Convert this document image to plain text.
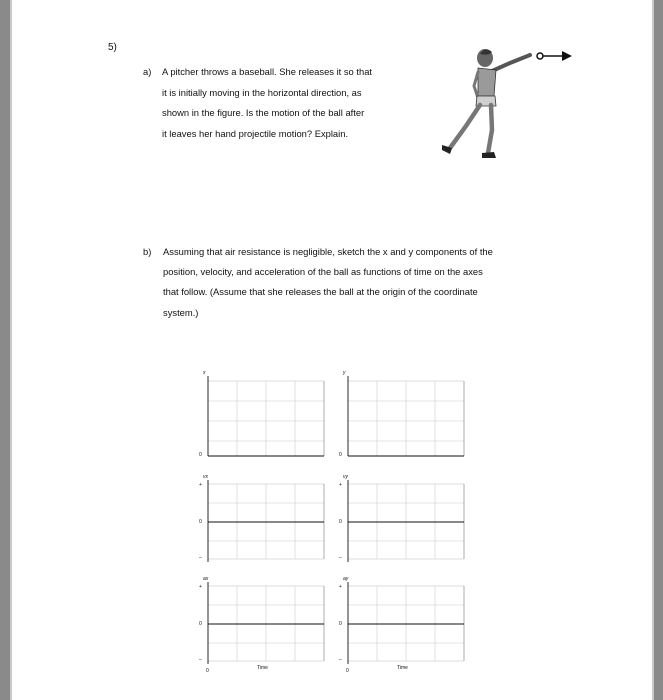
5)
a) A pitcher throws a baseball. She releases it so that
it is initially moving in the horizontal direction, as
shown in the figure. Is the motion of the ball after
it leaves her hand projectile motion? Explain.
b) Assuming that air resistance is negligible, sketch the x and y components of the
position, velocity, and acceleration of the ball as functions of time on the axes
that follow. (Assume that she releases the ball at the origin of the coordinate
system.)
x
0
y
0
vx
+
0
–
vy
+
0
–
ax
+
0
–
0	Time
ay
+
0
–
0	Time
